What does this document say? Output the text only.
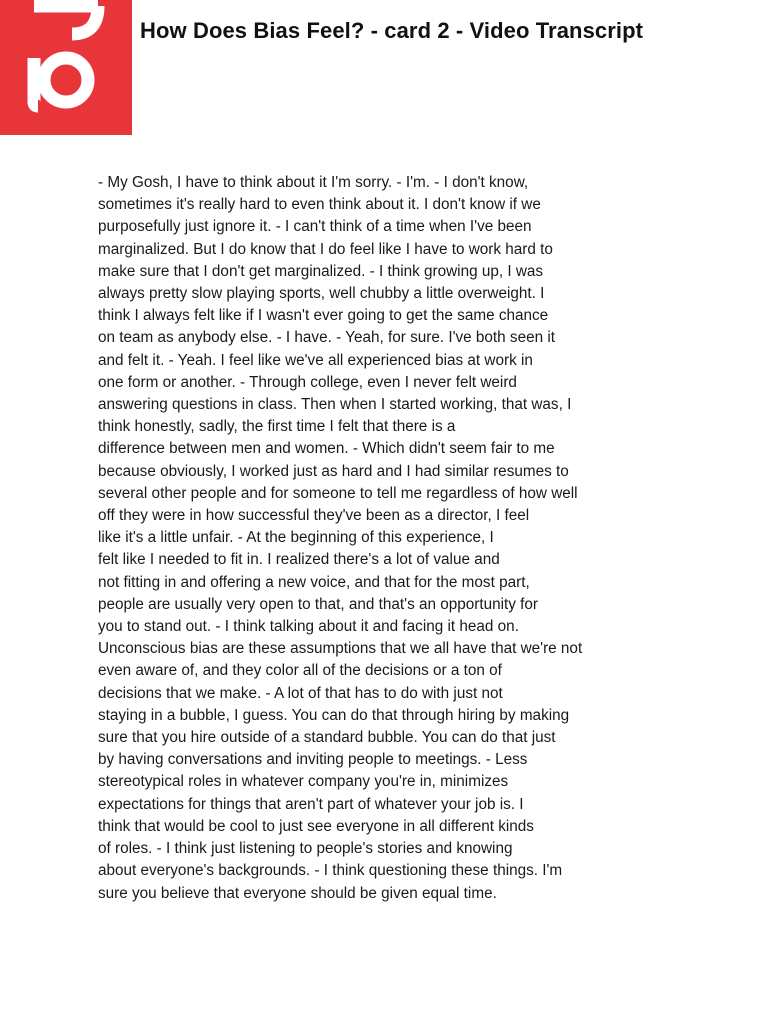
How Does Bias Feel? - card 2 - Video Transcript
- My Gosh, I have to think about it I'm sorry. - I'm. - I don't know,
sometimes it's really hard to even think about it. I don't know if we
purposefully just ignore it. - I can't think of a time when I've been
marginalized. But I do know that I do feel like I have to work hard to
make sure that I don't get marginalized. - I think growing up, I was
always pretty slow playing sports, well chubby a little overweight. I
think I always felt like if I wasn't ever going to get the same chance
on team as anybody else. - I have. - Yeah, for sure. I've both seen it
and felt it. - Yeah. I feel like we've all experienced bias at work in
one form or another. - Through college, even I never felt weird
answering questions in class. Then when I started working, that was, I
think honestly, sadly, the first time I felt that there is a
difference between men and women. - Which didn't seem fair to me
because obviously, I worked just as hard and I had similar resumes to
several other people and for someone to tell me regardless of how well
off they were in how successful they've been as a director, I feel
like it's a little unfair. - At the beginning of this experience, I
felt like I needed to fit in. I realized there's a lot of value and
not fitting in and offering a new voice, and that for the most part,
people are usually very open to that, and that's an opportunity for
you to stand out. - I think talking about it and facing it head on.
Unconscious bias are these assumptions that we all have that we're not
even aware of, and they color all of the decisions or a ton of
decisions that we make. - A lot of that has to do with just not
staying in a bubble, I guess. You can do that through hiring by making
sure that you hire outside of a standard bubble. You can do that just
by having conversations and inviting people to meetings. - Less
stereotypical roles in whatever company you're in, minimizes
expectations for things that aren't part of whatever your job is. I
think that would be cool to just see everyone in all different kinds
of roles. - I think just listening to people's stories and knowing
about everyone's backgrounds. - I think questioning these things. I'm
sure you believe that everyone should be given equal time.
